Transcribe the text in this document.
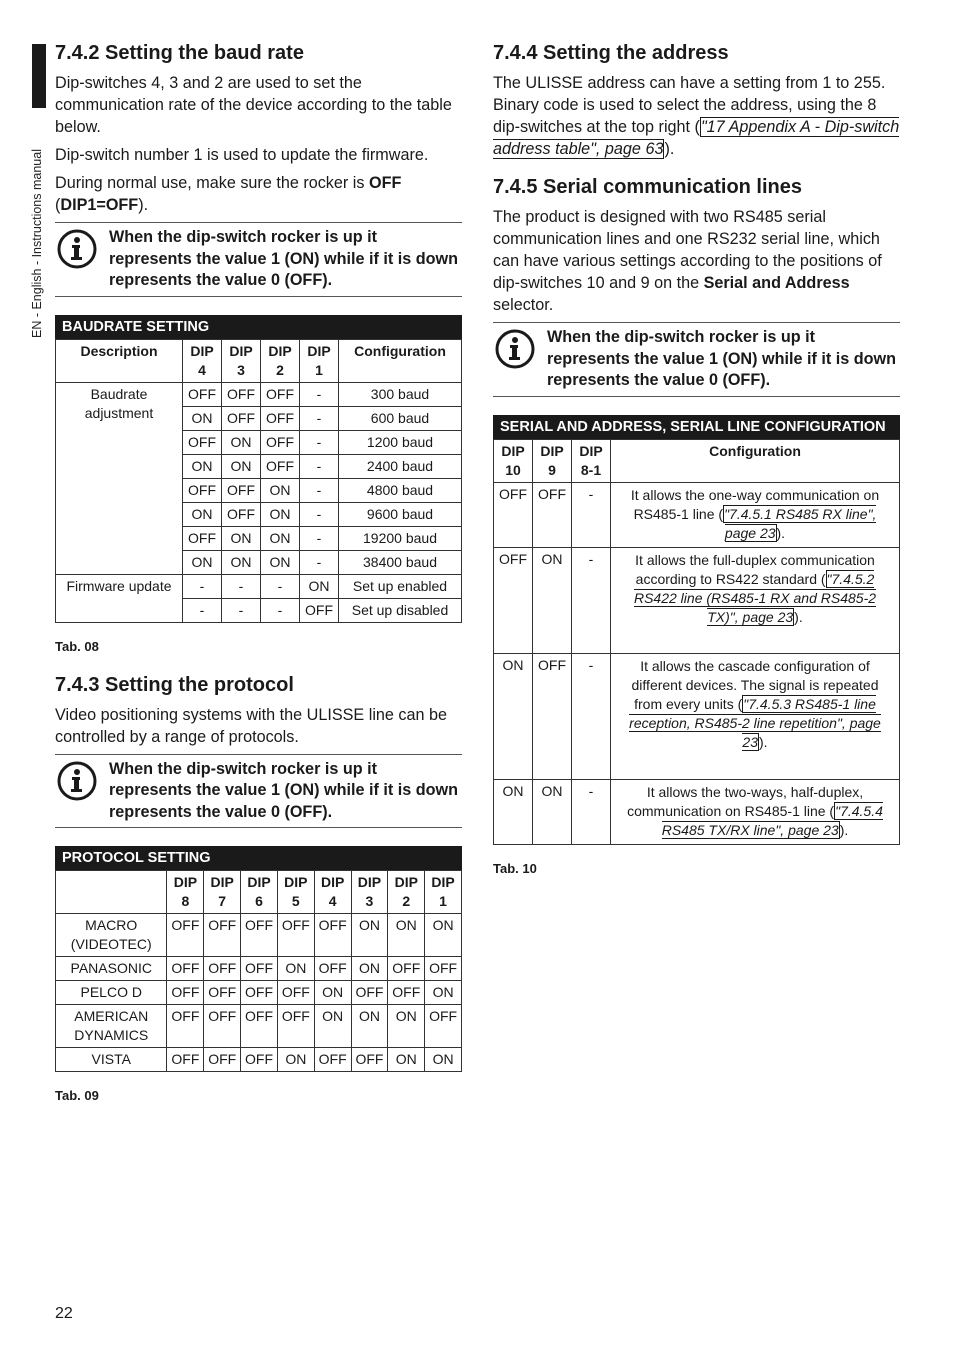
EN - English - Instructions manual
7.4.2 Setting the baud rate

Dip-switches 4, 3 and 2 are used to set the communication rate of the device according to the table below.

Dip-switch number 1 is used to update the firmware.

During normal use, make sure the rocker is OFF (DIP1=OFF).

When the dip-switch rocker is up it represents the value 1 (ON) while if it is down represents the value 0 (OFF).
BAUDRATE SETTING
Description	DIP 4	DIP 3	DIP 2	DIP 1	Configuration
Baudrate adjustment	OFF	OFF	OFF	-	300 baud
	ON	OFF	OFF	-	600 baud
	OFF	ON	OFF	-	1200 baud
	ON	ON	OFF	-	2400 baud
	OFF	OFF	ON	-	4800 baud
	ON	OFF	ON	-	9600 baud
	OFF	ON	ON	-	19200 baud
	ON	ON	ON	-	38400 baud
Firmware update	-	-	-	ON	Set up enabled
	-	-	-	OFF	Set up disabled
Tab. 08
7.4.3 Setting the protocol

Video positioning systems with the ULISSE line can be controlled by a range of protocols.

When the dip-switch rocker is up it represents the value 1 (ON) while if it is down represents the value 0 (OFF).
PROTOCOL SETTING
	DIP 8	DIP 7	DIP 6	DIP 5	DIP 4	DIP 3	DIP 2	DIP 1
MACRO (VIDEOTEC)	OFF	OFF	OFF	OFF	OFF	ON	ON	ON
PANASONIC	OFF	OFF	OFF	ON	OFF	ON	OFF	OFF
PELCO D	OFF	OFF	OFF	OFF	ON	OFF	OFF	ON
AMERICAN DYNAMICS	OFF	OFF	OFF	OFF	ON	ON	ON	OFF
VISTA	OFF	OFF	OFF	ON	OFF	OFF	ON	ON
Tab. 09
7.4.4 Setting the address

The ULISSE address can have a setting from 1 to 255. Binary code is used to select the address, using the 8 dip-switches at the top right ("17 Appendix A - Dip-switch address table", page 63).

7.4.5 Serial communication lines

The product is designed with two RS485 serial communication lines and one RS232 serial line, which can have various settings according to the positions of dip-switches 10 and 9 on the Serial and Address selector.

When the dip-switch rocker is up it represents the value 1 (ON) while if it is down represents the value 0 (OFF).
SERIAL AND ADDRESS, SERIAL LINE CONFIGURATION
DIP 10	DIP 9	DIP 8-1	Configuration
OFF	OFF	-	It allows the one-way communication on RS485-1 line ("7.4.5.1 RS485 RX line", page 23).
OFF	ON	-	It allows the full-duplex communication according to RS422 standard ("7.4.5.2 RS422 line (RS485-1 RX and RS485-2 TX)", page 23).
ON	OFF	-	It allows the cascade configuration of different devices. The signal is repeated from every units ("7.4.5.3 RS485-1 line reception, RS485-2 line repetition", page 23).
ON	ON	-	It allows the two-ways, half-duplex, communication on RS485-1 line ("7.4.5.4 RS485 TX/RX line", page 23).
Tab. 10
22
